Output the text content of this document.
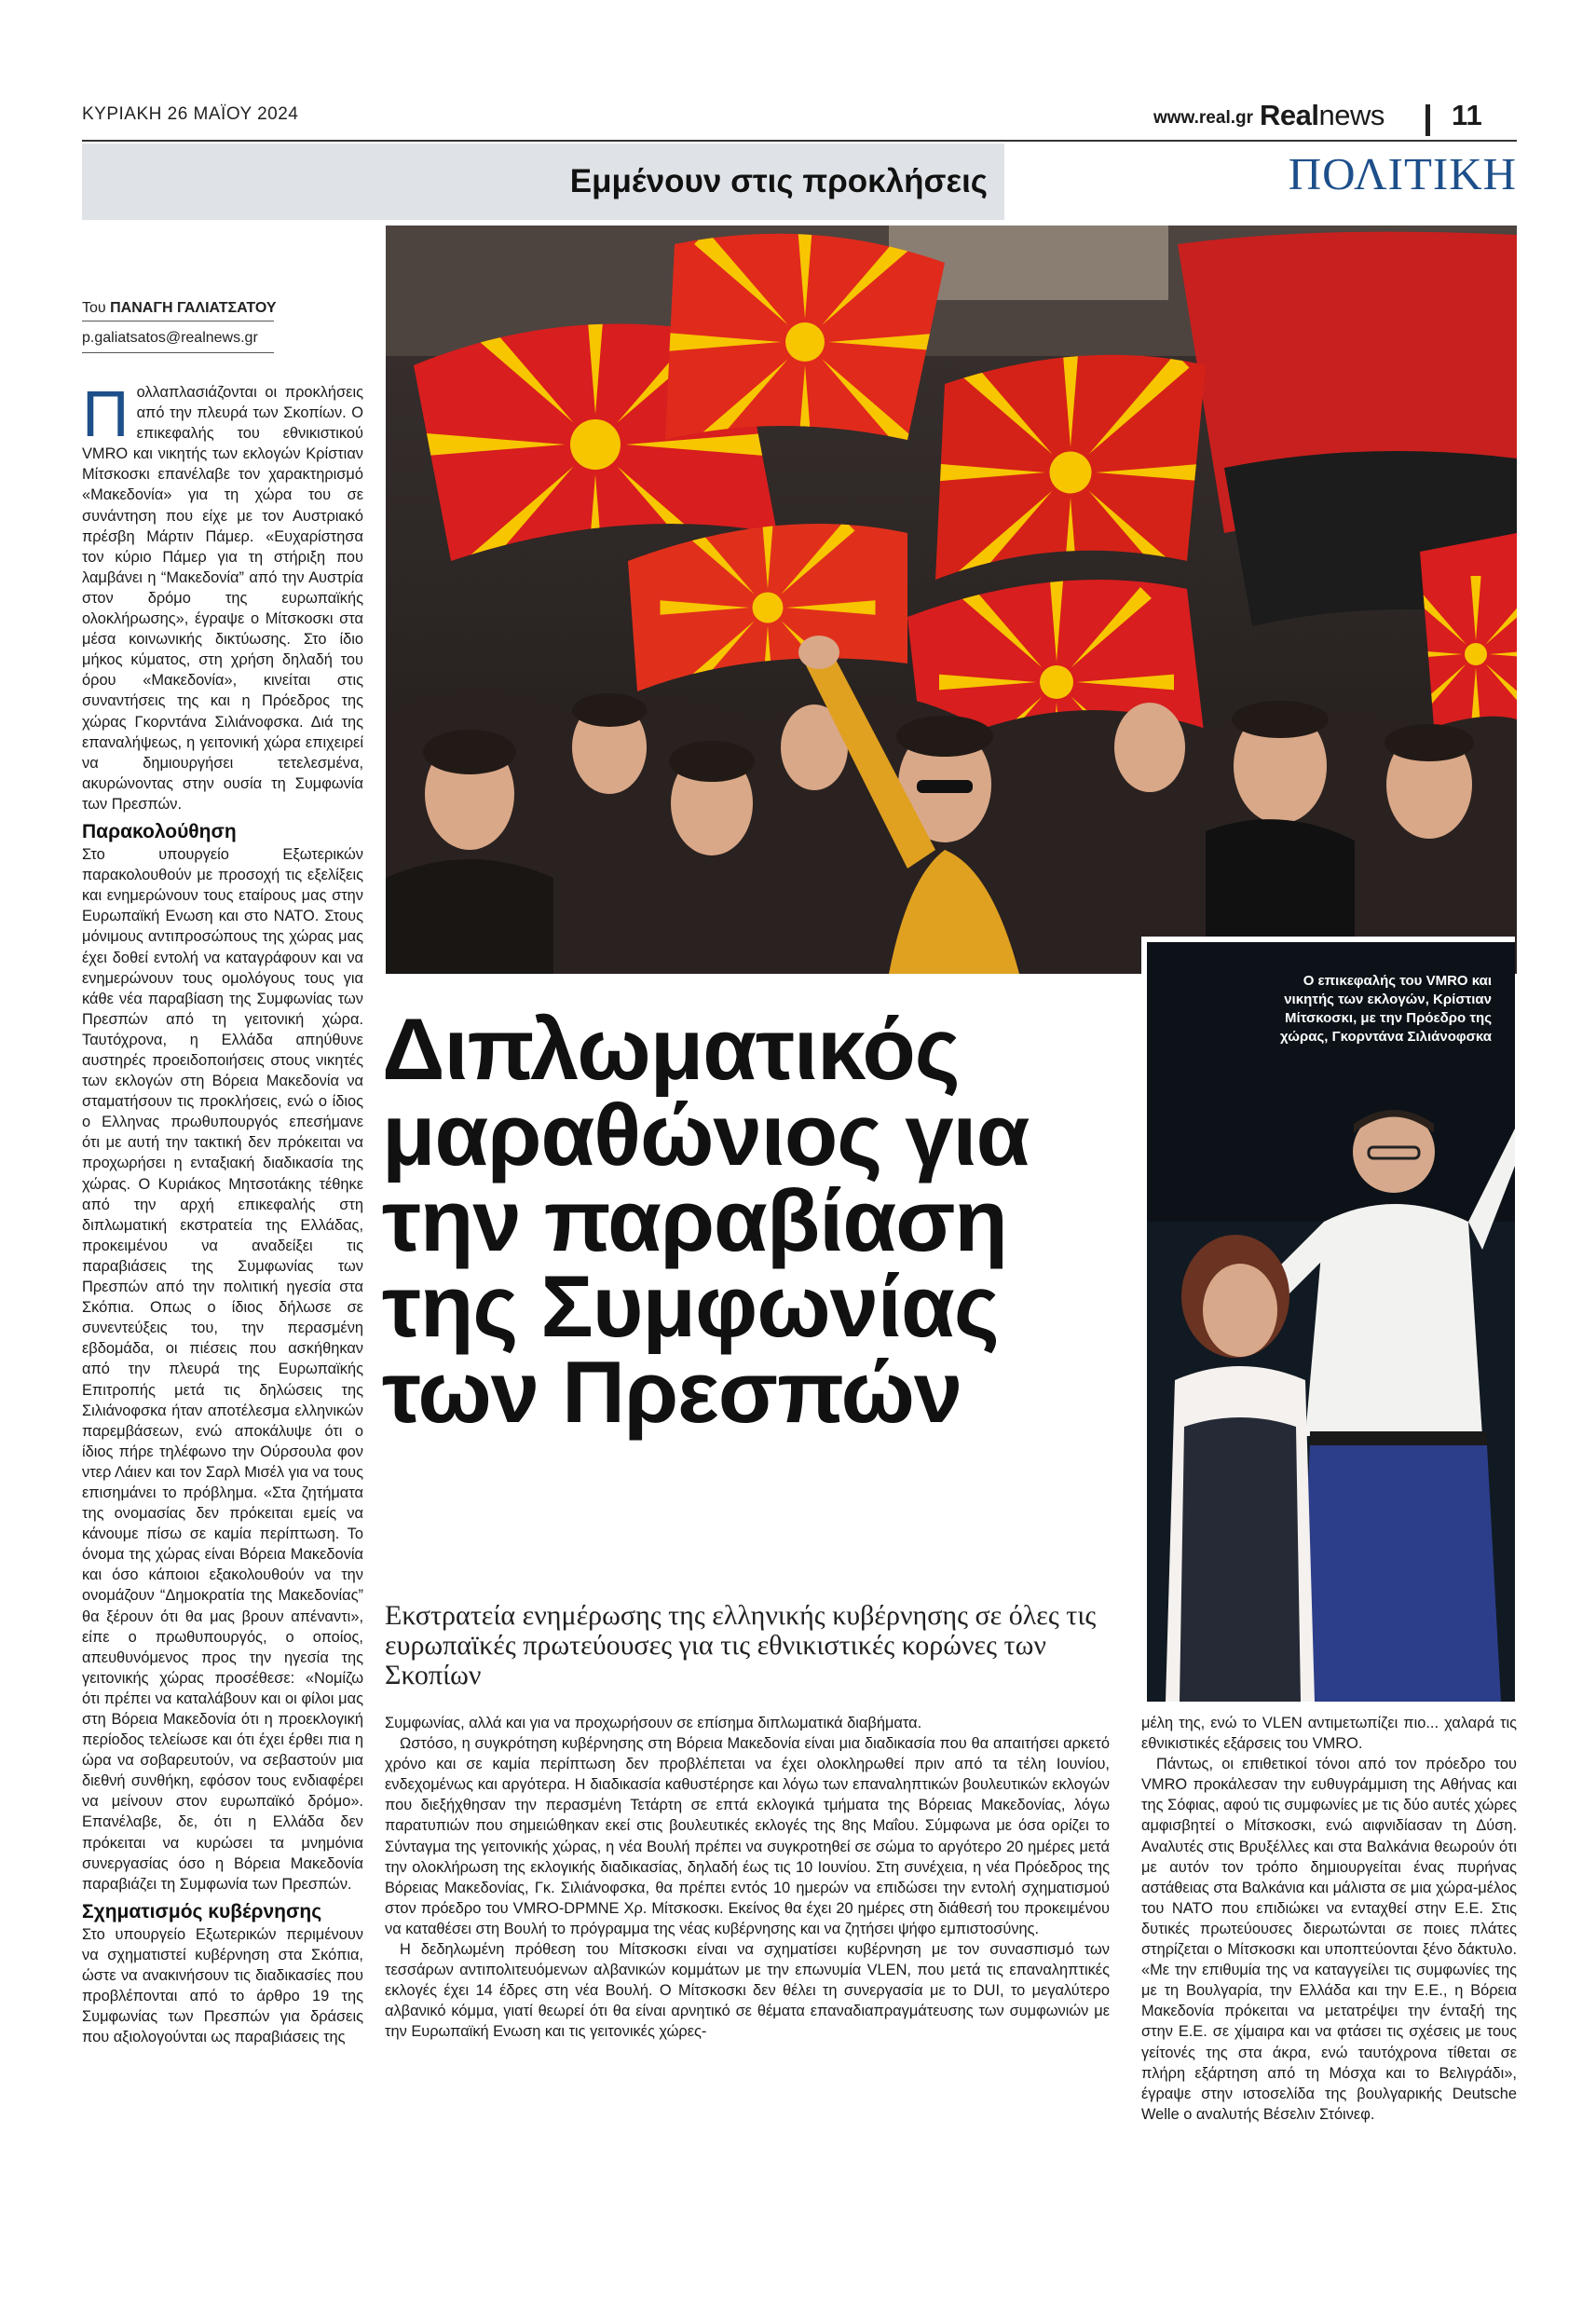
ΚΥΡΙΑΚΗ 26 ΜΑΪΟΥ 2024	www.real.gr Realnews 11
Εμμένουν στις προκλήσεις	ΠΟΛΙΤΙΚΗ
Του ΠΑΝΑΓΗ ΓΑΛΙΑΤΣΑΤΟΥ
p.galiatsatos@realnews.gr

Πολλαπλασιάζονται οι προκλήσεις από την πλευρά των Σκοπίων. Ο επικεφαλής του εθνικιστικού VMRO και νικητής των εκλογών Κρίστιαν Μίτσκοσκι επανέλαβε τον χαρακτηρισμό «Μακεδονία» για τη χώρα του σε συνάντηση που είχε με τον Αυστριακό πρέσβη Μάρτιν Πάμερ. «Ευχαρίστησα τον κύριο Πάμερ για τη στήριξη που λαμβάνει η “Μακεδονία” από την Αυστρία στον δρόμο της ευρωπαϊκής ολοκλήρωσης», έγραψε ο Μίτσκοσκι στα μέσα κοινωνικής δικτύωσης. Στο ίδιο μήκος κύματος, στη χρήση δηλαδή του όρου «Μακεδονία», κινείται στις συναντήσεις της και η Πρόεδρος της χώρας Γκορντάνα Σιλιάνοφσκα. Διά της επαναλήψεως, η γειτονική χώρα επιχειρεί να δημιουργήσει τετελεσμένα, ακυρώνοντας στην ουσία τη Συμφωνία των Πρεσπών.

Παρακολούθηση

Στο υπουργείο Εξωτερικών παρακολουθούν με προσοχή τις εξελίξεις και ενημερώνουν τους εταίρους μας στην Ευρωπαϊκή Ενωση και στο ΝΑΤΟ. Στους μόνιμους αντιπροσώπους της χώρας μας έχει δοθεί εντολή να καταγράφουν και να ενημερώνουν τους ομολόγους τους για κάθε νέα παραβίαση της Συμφωνίας των Πρεσπών από τη γειτονική χώρα. Ταυτόχρονα, η Ελλάδα απηύθυνε αυστηρές προειδοποιήσεις στους νικητές των εκλογών στη Βόρεια Μακεδονία να σταματήσουν τις προκλήσεις, ενώ ο ίδιος ο Ελληνας πρωθυπουργός επεσήμανε ότι με αυτή την τακτική δεν πρόκειται να προχωρήσει η ενταξιακή διαδικασία της χώρας. Ο Κυριάκος Μητσοτάκης τέθηκε από την αρχή επικεφαλής στη διπλωματική εκστρατεία της Ελλάδας, προκειμένου να αναδείξει τις παραβιάσεις της Συμφωνίας των Πρεσπών από την πολιτική ηγεσία στα Σκόπια. Οπως ο ίδιος δήλωσε σε συνεντεύξεις του, την περασμένη εβδομάδα, οι πιέσεις που ασκήθηκαν από την πλευρά της Ευρωπαϊκής Επιτροπής μετά τις δηλώσεις της Σιλιάνοφσκα ήταν αποτέλεσμα ελληνικών παρεμβάσεων, ενώ αποκάλυψε ότι ο ίδιος πήρε τηλέφωνο την Ούρσουλα φον ντερ Λάιεν και τον Σαρλ Μισέλ για να τους επισημάνει το πρόβλημα. «Στα ζητήματα της ονομασίας δεν πρόκειται εμείς να κάνουμε πίσω σε καμία περίπτωση. Το όνομα της χώρας είναι Βόρεια Μακεδονία και όσο κάποιοι εξακολουθούν να την ονομάζουν “Δημοκρατία της Μακεδονίας” θα ξέρουν ότι θα μας βρουν απέναντι», είπε ο πρωθυπουργός, ο οποίος, απευθυνόμενος προς την ηγεσία της γειτονικής χώρας προσέθεσε: «Νομίζω ότι πρέπει να καταλάβουν και οι φίλοι μας στη Βόρεια Μακεδονία ότι η προεκλογική περίοδος τελείωσε και ότι έχει έρθει πια η ώρα να σοβαρευτούν, να σεβαστούν μια διεθνή συνθήκη, εφόσον τους ενδιαφέρει να μείνουν στον ευρωπαϊκό δρόμο». Επανέλαβε, δε, ότι η Ελλάδα δεν πρόκειται να κυρώσει τα μνημόνια συνεργασίας όσο η Βόρεια Μακεδονία παραβιάζει τη Συμφωνία των Πρεσπών.

Σχηματισμός κυβέρνησης

Στο υπουργείο Εξωτερικών περιμένουν να σχηματιστεί κυβέρνηση στα Σκόπια, ώστε να ανακινήσουν τις διαδικασίες που προβλέπονται από το άρθρο 19 της Συμφωνίας των Πρεσπών για δράσεις που αξιολογούνται ως παραβιάσεις της

Ο επικεφαλής του VMRO και νικητής των εκλογών, Κρίστιαν Μίτσκοσκι, με την Πρόεδρο της χώρας, Γκορντάνα Σιλιάνοφσκα
Διπλωματικός μαραθώνιος για την παραβίαση της Συμφωνίας των Πρεσπών
Εκστρατεία ενημέρωσης της ελληνικής κυβέρνησης σε όλες τις ευρωπαϊκές πρωτεύουσες για τις εθνικιστικές κορώνες των Σκοπίων

Συμφωνίας, αλλά και για να προχωρήσουν σε επίσημα διπλωματικά διαβήματα.

Ωστόσο, η συγκρότηση κυβέρνησης στη Βόρεια Μακεδονία είναι μια διαδικασία που θα απαιτήσει αρκετό χρόνο και σε καμία περίπτωση δεν προβλέπεται να έχει ολοκληρωθεί πριν από τα τέλη Ιουνίου, ενδεχομένως και αργότερα. Η διαδικασία καθυστέρησε και λόγω των επαναληπτικών βουλευτικών εκλογών που διεξήχθησαν την περασμένη Τετάρτη σε επτά εκλογικά τμήματα της Βόρειας Μακεδονίας, λόγω παρατυπιών που σημειώθηκαν εκεί στις βουλευτικές εκλογές της 8ης Μαΐου. Σύμφωνα με όσα ορίζει το Σύνταγμα της γειτονικής χώρας, η νέα Βουλή πρέπει να συγκροτηθεί σε σώμα το αργότερο 20 ημέρες μετά την ολοκλήρωση της εκλογικής διαδικασίας, δηλαδή έως τις 10 Ιουνίου. Στη συνέχεια, η νέα Πρόεδρος της Βόρειας Μακεδονίας, Γκ. Σιλιάνοφσκα, θα πρέπει εντός 10 ημερών να επιδώσει την εντολή σχηματισμού στον πρόεδρο του VMRO-DPMNE Χρ. Μίτσκοσκι. Εκείνος θα έχει 20 ημέρες στη διάθεσή του προκειμένου να καταθέσει στη Βουλή το πρόγραμμα της νέας κυβέρνησης και να ζητήσει ψήφο εμπιστοσύνης.

Η δεδηλωμένη πρόθεση του Μίτσκοσκι είναι να σχηματίσει κυβέρνηση με τον συνασπισμό των τεσσάρων αντιπολιτευόμενων αλβανικών κομμάτων με την επωνυμία VLEN, που μετά τις επαναληπτικές εκλογές έχει 14 έδρες στη νέα Βουλή. Ο Μίτσκοσκι δεν θέλει τη συνεργασία με το DUI, το μεγαλύτερο αλβανικό κόμμα, γιατί θεωρεί ότι θα είναι αρνητικό σε θέματα επαναδιαπραγμάτευσης των συμφωνιών με την Ευρωπαϊκή Ενωση και τις γειτονικές χώρες-

μέλη της, ενώ το VLEN αντιμετωπίζει πιο... χαλαρά τις εθνικιστικές εξάρσεις του VMRO.

Πάντως, οι επιθετικοί τόνοι από τον πρόεδρο του VMRO προκάλεσαν την ευθυγράμμιση της Αθήνας και της Σόφιας, αφού τις συμφωνίες με τις δύο αυτές χώρες αμφισβητεί ο Μίτσκοσκι, ενώ αιφνιδίασαν τη Δύση. Αναλυτές στις Βρυξέλλες και στα Βαλκάνια θεωρούν ότι με αυτόν τον τρόπο δημιουργείται ένας πυρήνας αστάθειας στα Βαλκάνια και μάλιστα σε μια χώρα-μέλος του ΝΑΤΟ που επιδιώκει να ενταχθεί στην Ε.Ε. Στις δυτικές πρωτεύουσες διερωτώνται σε ποιες πλάτες στηρίζεται ο Μίτσκοσκι και υποπτεύονται ξένο δάκτυλο. «Με την επιθυμία της να καταγγείλει τις συμφωνίες της με τη Βουλγαρία, την Ελλάδα και την Ε.Ε., η Βόρεια Μακεδονία πρόκειται να μετατρέψει την ένταξή της στην Ε.Ε. σε χίμαιρα και να φτάσει τις σχέσεις με τους γείτονές της στα άκρα, ενώ ταυτόχρονα τίθεται σε πλήρη εξάρτηση από τη Μόσχα και το Βελιγράδι», έγραψε στην ιστοσελίδα της βουλγαρικής Deutsche Welle ο αναλυτής Βέσελιν Στόινεφ.
